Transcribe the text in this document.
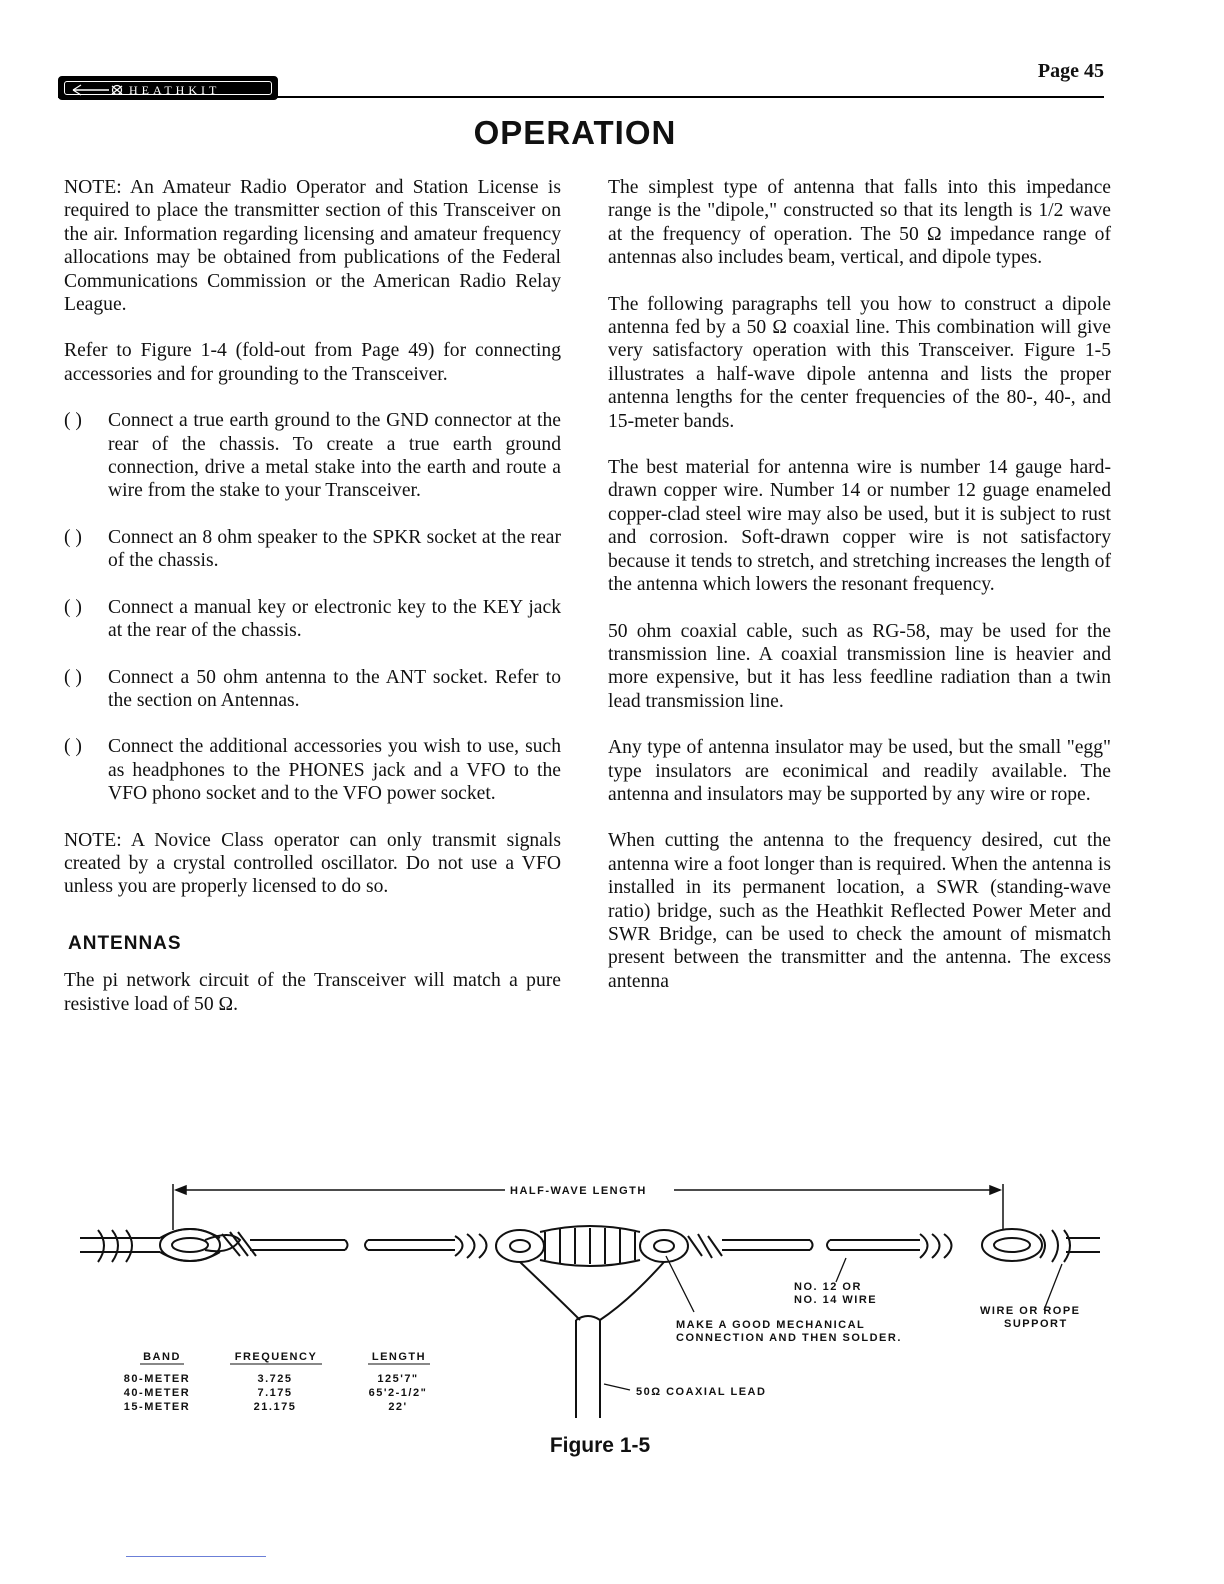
HEATHKIT
Page 45
OPERATION

NOTE: An Amateur Radio Operator and Station License is required to place the transmitter section of this Transceiver on the air. Information regarding licensing and amateur frequency allocations may be obtained from publications of the Federal Communications Commission or the American Radio Relay League.

Refer to Figure 1-4 (fold-out from Page 49) for connecting accessories and for grounding to the Transceiver.

( )	Connect a true earth ground to the GND connector at the rear of the chassis. To create a true earth ground connection, drive a metal stake into the earth and route a wire from the stake to your Transceiver.
( )	Connect an 8 ohm speaker to the SPKR socket at the rear of the chassis.
( )	Connect a manual key or electronic key to the KEY jack at the rear of the chassis.
( )	Connect a 50 ohm antenna to the ANT socket. Refer to the section on Antennas.
( )	Connect the additional accessories you wish to use, such as headphones to the PHONES jack and a VFO to the VFO phono socket and to the VFO power socket.

NOTE: A Novice Class operator can only transmit signals created by a crystal controlled oscillator. Do not use a VFO unless you are properly licensed to do so.

ANTENNAS

The pi network circuit of the Transceiver will match a pure resistive load of 50 Ω.

The simplest type of antenna that falls into this impedance range is the "dipole," constructed so that its length is 1/2 wave at the frequency of operation. The 50 Ω impedance range of antennas also includes beam, vertical, and dipole types.

The following paragraphs tell you how to construct a dipole antenna fed by a 50 Ω coaxial line. This combination will give very satisfactory operation with this Transceiver. Figure 1-5 illustrates a half-wave dipole antenna and lists the proper antenna lengths for the center frequencies of the 80-, 40-, and 15-meter bands.

The best material for antenna wire is number 14 gauge hard-drawn copper wire. Number 14 or number 12 guage enameled copper-clad steel wire may also be used, but it is subject to rust and corrosion. Soft-drawn copper wire is not satisfactory because it tends to stretch, and stretching increases the length of the antenna which lowers the resonant frequency.

50 ohm coaxial cable, such as RG-58, may be used for the transmission line. A coaxial transmission line is heavier and more expensive, but it has less feedline radiation than a twin lead transmission line.

Any type of antenna insulator may be used, but the small "egg" type insulators are econimical and readily available. The antenna and insulators may be supported by any wire or rope.

When cutting the antenna to the frequency desired, cut the antenna wire a foot longer than is required. When the antenna is installed in its permanent location, a SWR (standing-wave ratio) bridge, such as the Heathkit Reflected Power Meter and SWR Bridge, can be used to check the amount of mismatch present between the transmitter and the antenna. The excess antenna

HALF-WAVE LENGTH
NO. 12 OR
NO. 14 WIRE
MAKE A GOOD MECHANICAL
CONNECTION AND THEN SOLDER.
WIRE OR ROPE
SUPPORT
50Ω COAXIAL LEAD
BAND	FREQUENCY	LENGTH
80-METER	3.725	125'7"
40-METER	7.175	65'2-1/2"
15-METER	21.175	22'
Figure 1-5
